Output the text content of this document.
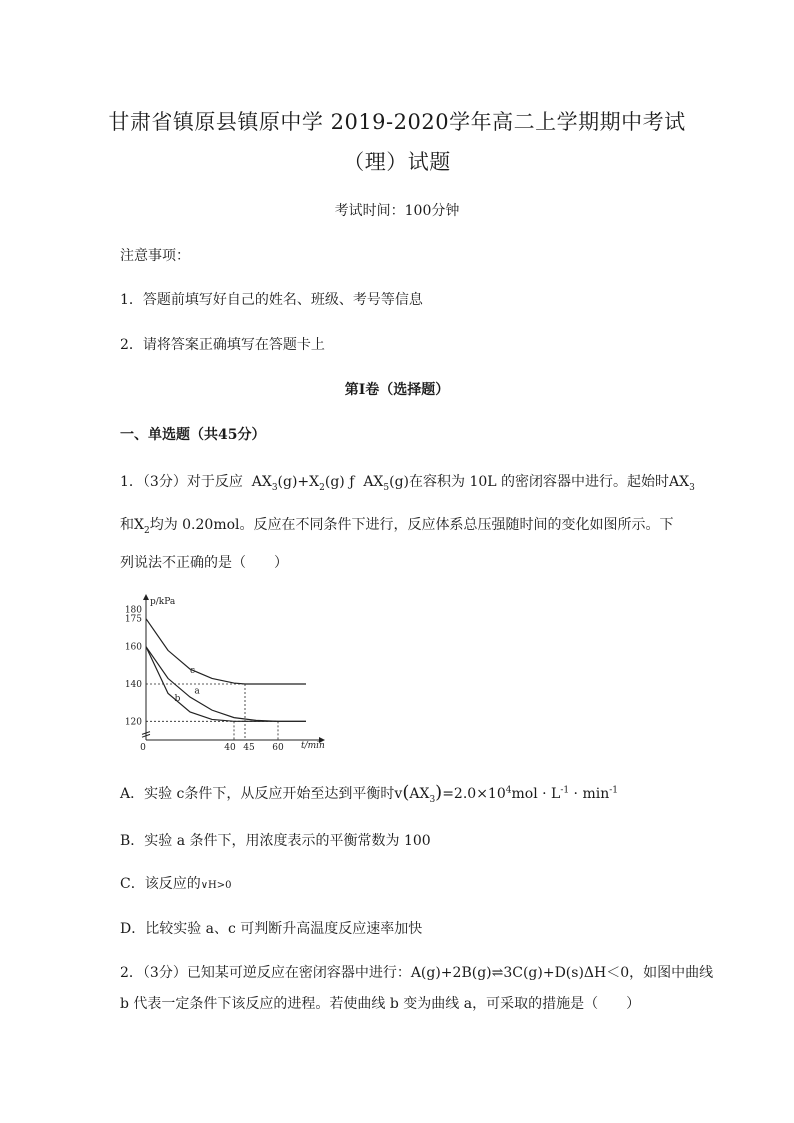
甘肃省镇原县镇原中学 2019-2020学年高二上学期期中考试
（理）试题
考试时间：100分钟
注意事项：
1．答题前填写好自己的姓名、班级、考号等信息
2．请将答案正确填写在答题卡上
第I卷（选择题）
一、单选题（共45分）
1．（3分）对于反应 $AX_3(g)+X_2(g)$ ƒ $AX_5(g)$在容积为 10L 的密闭容器中进行。起始时$AX_3$
和$X_2$均为 0.20mol。反应在不同条件下进行，反应体系总压强随时间的变化如图所示。下
列说法不正确的是（　　）
p/kPa
t/min
180
175
160
140
120
0	40 45 60
a
b
c
A．实验 c条件下，从反应开始至达到平衡时$v(AX_3)=2.0\times 10^4mol \cdot L^{-1} \cdot \min^{-1}$
B．实验 a 条件下，用浓度表示的平衡常数为 100
C．该反应的∨H>0
D．比较实验 a、c 可判断升高温度反应速率加快
2．（3分）已知某可逆反应在密闭容器中进行：A(g)+2B(g)⇌3C(g)+D(s)ΔH＜0，如图中曲线
b 代表一定条件下该反应的进程。若使曲线 b 变为曲线 a，可采取的措施是（　　）
